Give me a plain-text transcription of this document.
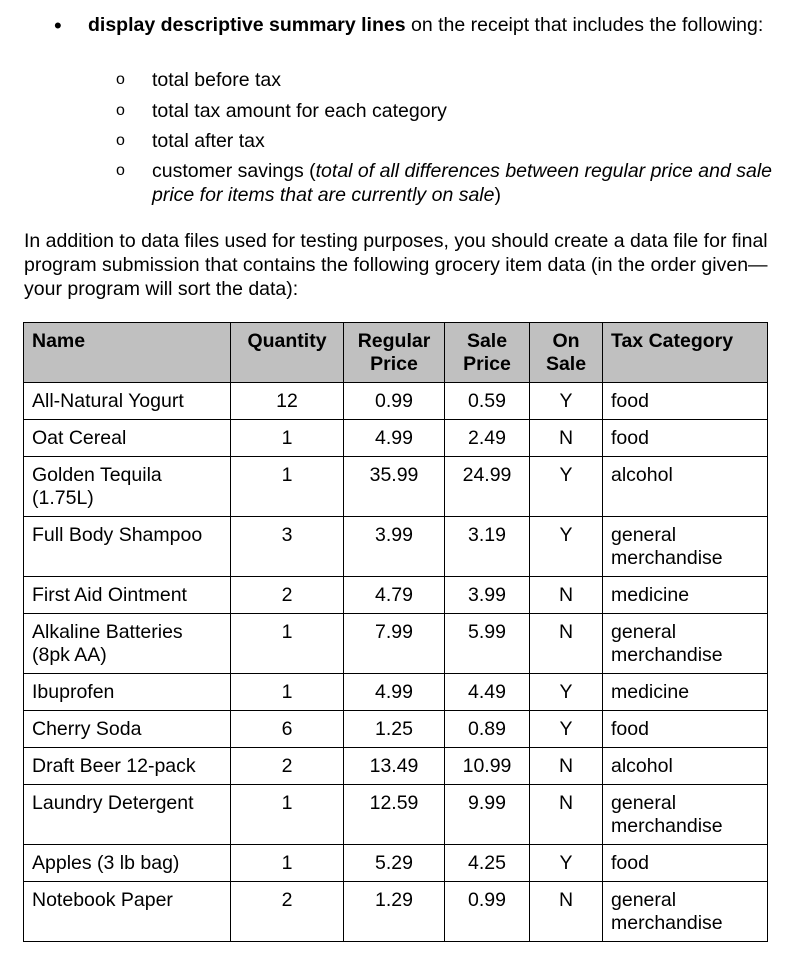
•	display descriptive summary lines on the receipt that includes the following:
o total before tax
o total tax amount for each category
o total after tax
o customer savings (total of all differences between regular price and sale price for items that are currently on sale)
In addition to data files used for testing purposes, you should create a data file for final program submission that contains the following grocery item data (in the order given—your program will sort the data):
Name	Quantity	Regular Price	Sale Price	On Sale	Tax Category
All-Natural Yogurt	12	0.99	0.59	Y	food
Oat Cereal	1	4.99	2.49	N	food
Golden Tequila (1.75L)	1	35.99	24.99	Y	alcohol
Full Body Shampoo	3	3.99	3.19	Y	general merchandise
First Aid Ointment	2	4.79	3.99	N	medicine
Alkaline Batteries (8pk AA)	1	7.99	5.99	N	general merchandise
Ibuprofen	1	4.99	4.49	Y	medicine
Cherry Soda	6	1.25	0.89	Y	food
Draft Beer 12-pack	2	13.49	10.99	N	alcohol
Laundry Detergent	1	12.59	9.99	N	general merchandise
Apples (3 lb bag)	1	5.29	4.25	Y	food
Notebook Paper	2	1.29	0.99	N	general merchandise
